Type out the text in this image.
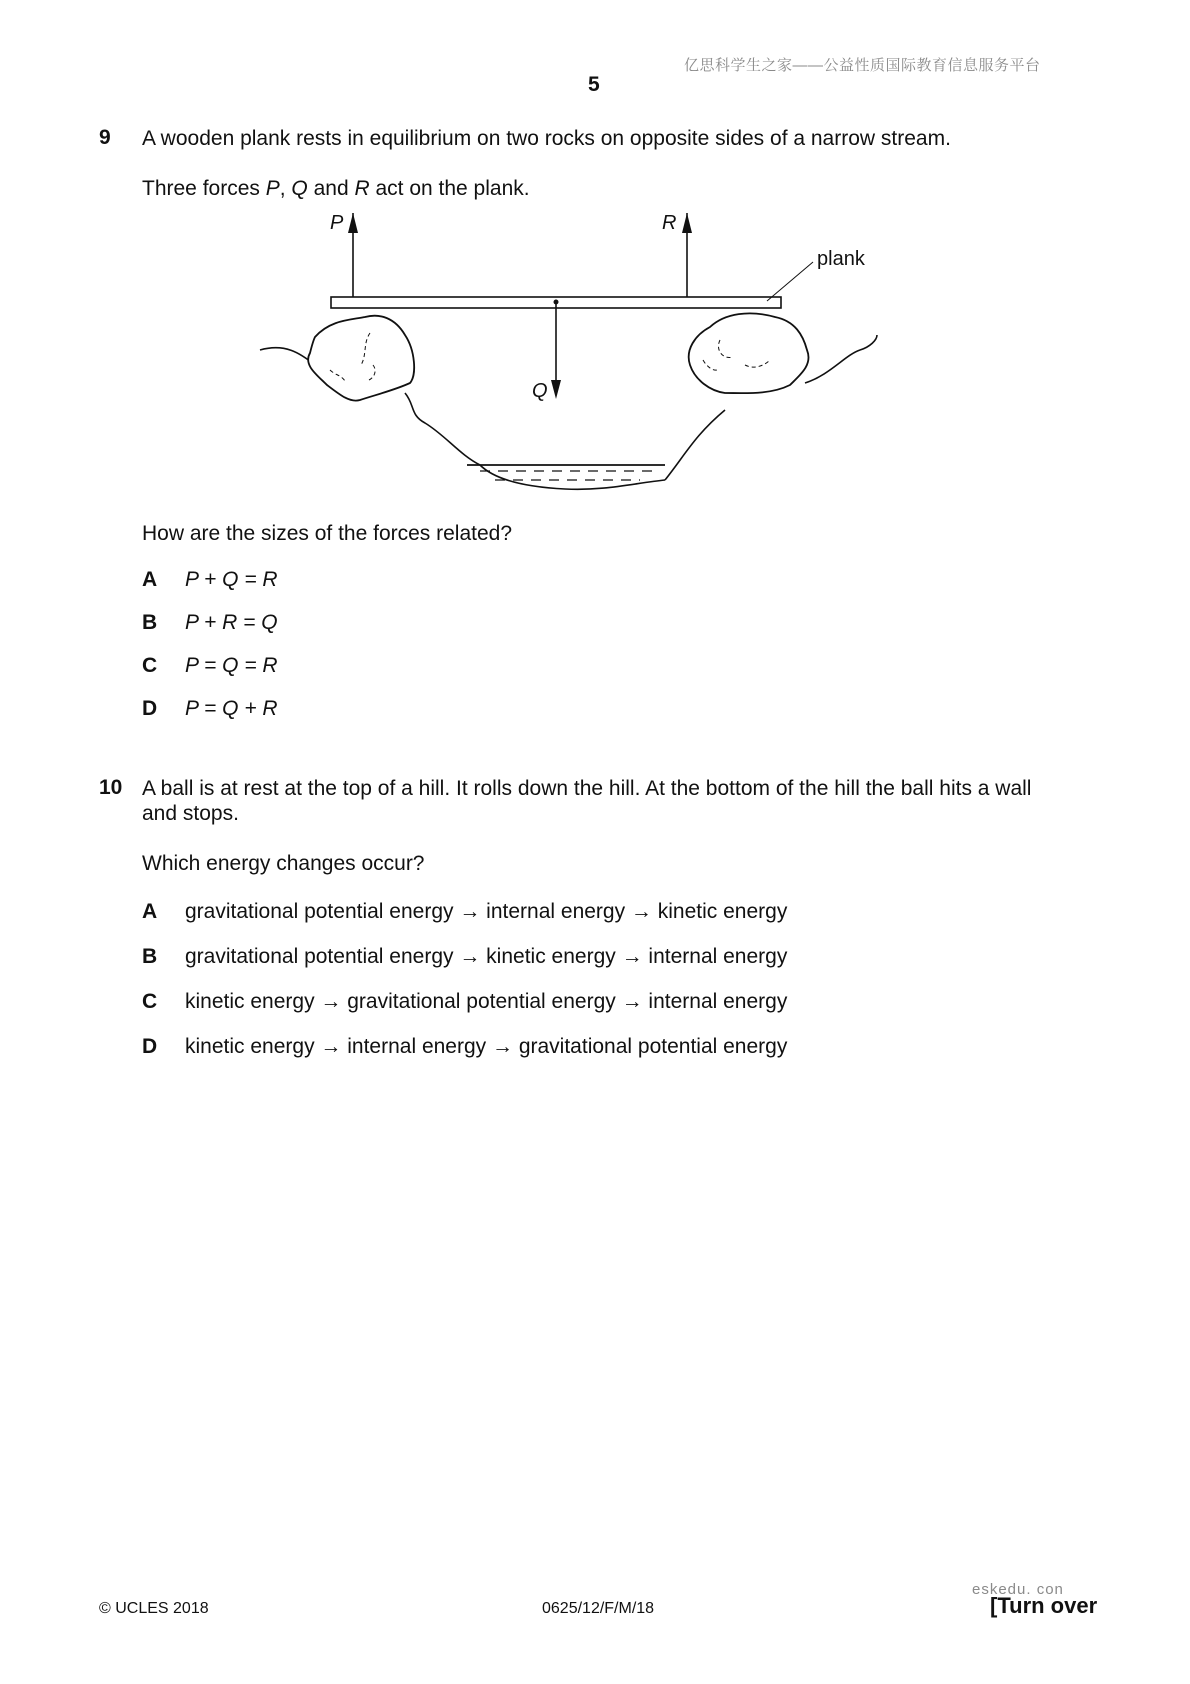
亿思科学生之家——公益性质国际教育信息服务平台
5
9 A wooden plank rests in equilibrium on two rocks on opposite sides of a narrow stream.
Three forces P, Q and R act on the plank.
P	R
Q
plank
How are the sizes of the forces related?
A P + Q = R
B P + R = Q
C P = Q = R
D P = Q + R
10 A ball is at rest at the top of a hill. It rolls down the hill. At the bottom of the hill the ball hits a wall
and stops.
Which energy changes occur?
A gravitational potential energy → internal energy → kinetic energy
B gravitational potential energy → kinetic energy → internal energy
C kinetic energy → gravitational potential energy → internal energy
D kinetic energy → internal energy → gravitational potential energy
eskedu. con
© UCLES 2018	0625/12/F/M/18	[Turn over
